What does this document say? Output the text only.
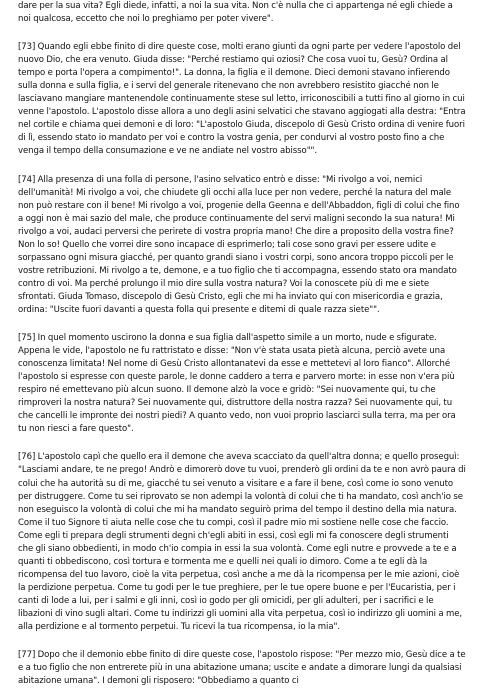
dare per la sua vita? Egli diede, infatti, a noi la sua vita. Non c'è nulla che ci appartenga né egli chiede a noi qualcosa, eccetto che noi lo preghiamo per poter vivere".

[73] Quando egli ebbe finito di dire queste cose, molti erano giunti da ogni parte per vedere l'apostolo del nuovo Dio, che era venuto. Giuda disse: "Perché restiamo qui oziosi? Che cosa vuoi tu, Gesù? Ordina al tempo e porta l'opera a compimento!". La donna, la figlia e il demone. Dieci demoni stavano infierendo sulla donna e sulla figlia, e i servi del generale ritenevano che non avrebbero resistito giacché non le lasciavano mangiare mantenendole continuamente stese sul letto, irriconoscibili a tutti fino al giorno in cui venne l'apostolo. L'apostolo disse allora a uno degli asini selvatici che stavano aggiogati alla destra: "Entra nel cortile e chiama quei demoni e di loro: "L'apostolo Giuda, discepolo di Gesù Cristo ordina di venire fuori di lì, essendo stato io mandato per voi e contro la vostra genia, per condurvi al vostro posto fino a che venga il tempo della consumazione e ve ne andiate nel vostro abisso"".

[74] Alla presenza di una folla di persone, l'asino selvatico entrò e disse: "Mi rivolgo a voi, nemici dell'umanità! Mi rivolgo a voi, che chiudete gli occhi alla luce per non vedere, perché la natura del male non può restare con il bene! Mi rivolgo a voi, progenie della Geenna e dell'Abbaddon, figli di colui che fino a oggi non è mai sazio del male, che produce continuamente del servi maligni secondo la sua natura! Mi rivolgo a voi, audaci perversi che perirete di vostra propria mano! Che dire a proposito della vostra fine? Non lo so! Quello che vorrei dire sono incapace di esprimerlo; tali cose sono gravi per essere udite e sorpassano ogni misura giacché, per quanto grandi siano i vostri corpi, sono ancora troppo piccoli per le vostre retribuzioni. Mi rivolgo a te, demone, e a tuo figlio che ti accompagna, essendo stato ora mandato contro di voi. Ma perché prolungo il mio dire sulla vostra natura? Voi la conoscete più di me e siete sfrontati. Giuda Tomaso, discepolo di Gesù Cristo, egli che mi ha inviato qui con misericordia e grazia, ordina: "Uscite fuori davanti a questa folla qui presente e ditemi di quale razza siete"".

[75] In quel momento uscirono la donna e sua figlia dall'aspetto simile a un morto, nude e sfigurate. Appena le vide, l'apostolo ne fu rattristato e disse: "Non v'è stata usata pietà alcuna, perciò avete una conoscenza limitata! Nel nome di Gesù Cristo allontanatevi da esse e mettetevi al loro fianco". Allorché l'apostolo si espresse con queste parole, le donne caddero a terra e parvero morte: in esse non v'era più respiro né emettevano più alcun suono. Il demone alzò la voce e gridò: "Sei nuovamente qui, tu che rimproveri la nostra natura? Sei nuovamente qui, distruttore della nostra razza? Sei nuovamente qui, tu che cancelli le impronte dei nostri piedi? A quanto vedo, non vuoi proprio lasciarci sulla terra, ma per ora tu non riesci a fare questo".

[76] L'apostolo capì che quello era il demone che aveva scacciato da quell'altra donna; e quello proseguì: "Lasciami andare, te ne prego! Andrò e dimorerò dove tu vuoi, prenderò gli ordini da te e non avrò paura di colui che ha autorità su di me, giacché tu sei venuto a visitare e a fare il bene, così come io sono venuto per distruggere. Come tu sei riprovato se non adempi la volontà di colui che ti ha mandato, così anch'io se non eseguisco la volontà di colui che mi ha mandato seguirò prima del tempo il destino della mia natura. Come il tuo Signore ti aiuta nelle cose che tu compi, così il padre mio mi sostiene nelle cose che faccio. Come egli ti prepara degli strumenti degni ch'egli abiti in essi, così egli mi fa conoscere degli strumenti che gli siano obbedienti, in modo ch'io compia in essi la sua volontà. Come egli nutre e provvede a te e a quanti ti obbediscono, così tortura e tormenta me e quelli nei quali io dimoro. Come a te egli dà la ricompensa del tuo lavoro, cioè la vita perpetua, così anche a me dà la ricompensa per le mie azioni, cioè la perdizione perpetua. Come tu godi per le tue preghiere, per le tue opere buone e per l'Eucaristia, per i canti di lode a lui, per i salmi e gli inni, così io godo per gli omicidi, per gli adulteri, per i sacrifici e le libazioni di vino sugli altari. Come tu indirizzi gli uomini alla vita perpetua, così io indirizzo gli uomini a me, alla perdizione e al tormento perpetui. Tu ricevi la tua ricompensa, io la mia".

[77] Dopo che il demonio ebbe finito di dire queste cose, l'apostolo rispose: "Per mezzo mio, Gesù dice a te e a tuo figlio che non entrerete più in una abitazione umana; uscite e andate a dimorare lungi da qualsiasi abitazione umana". I demoni gli risposero: "Obbediamo a quanto ci
